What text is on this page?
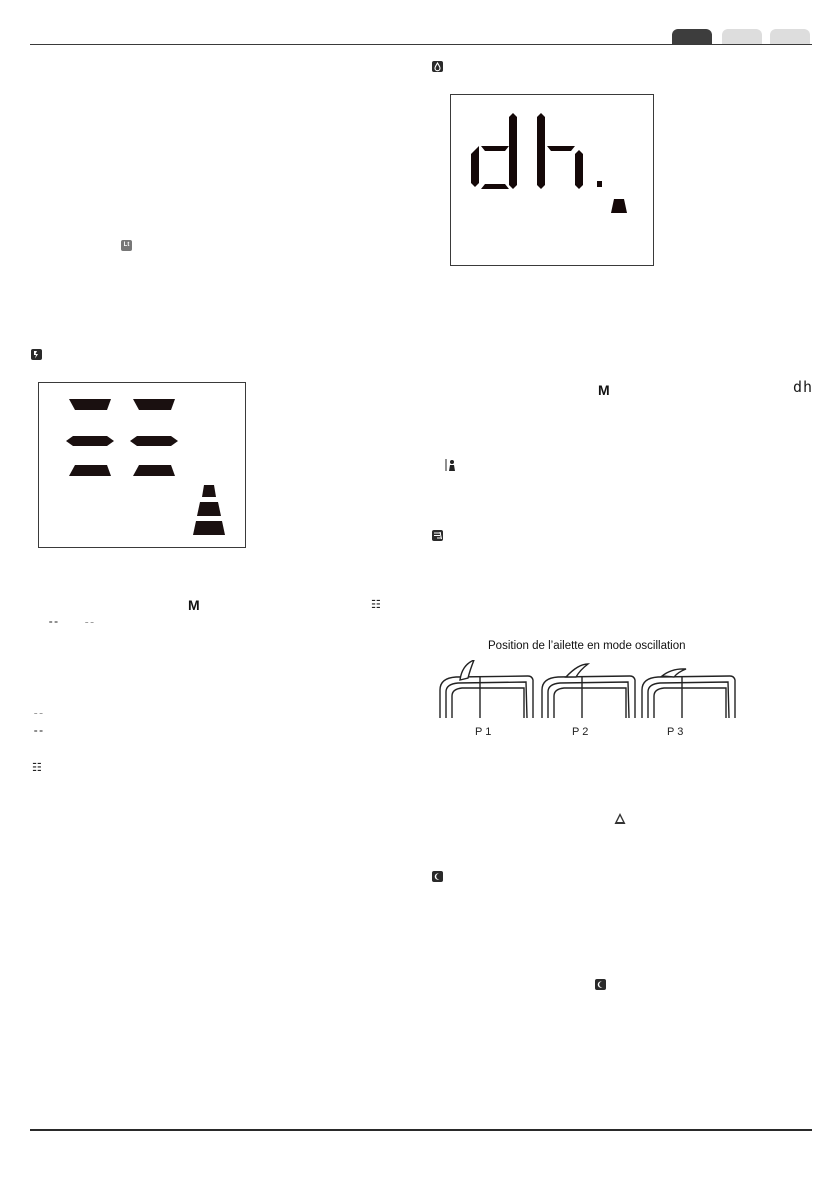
Lt
M	☷
⁼⁼	⁻⁻
⁻⁻
⁼⁼
☷
M	dh
Position de l’ailette en mode oscillation
P 1	P 2	P 3
